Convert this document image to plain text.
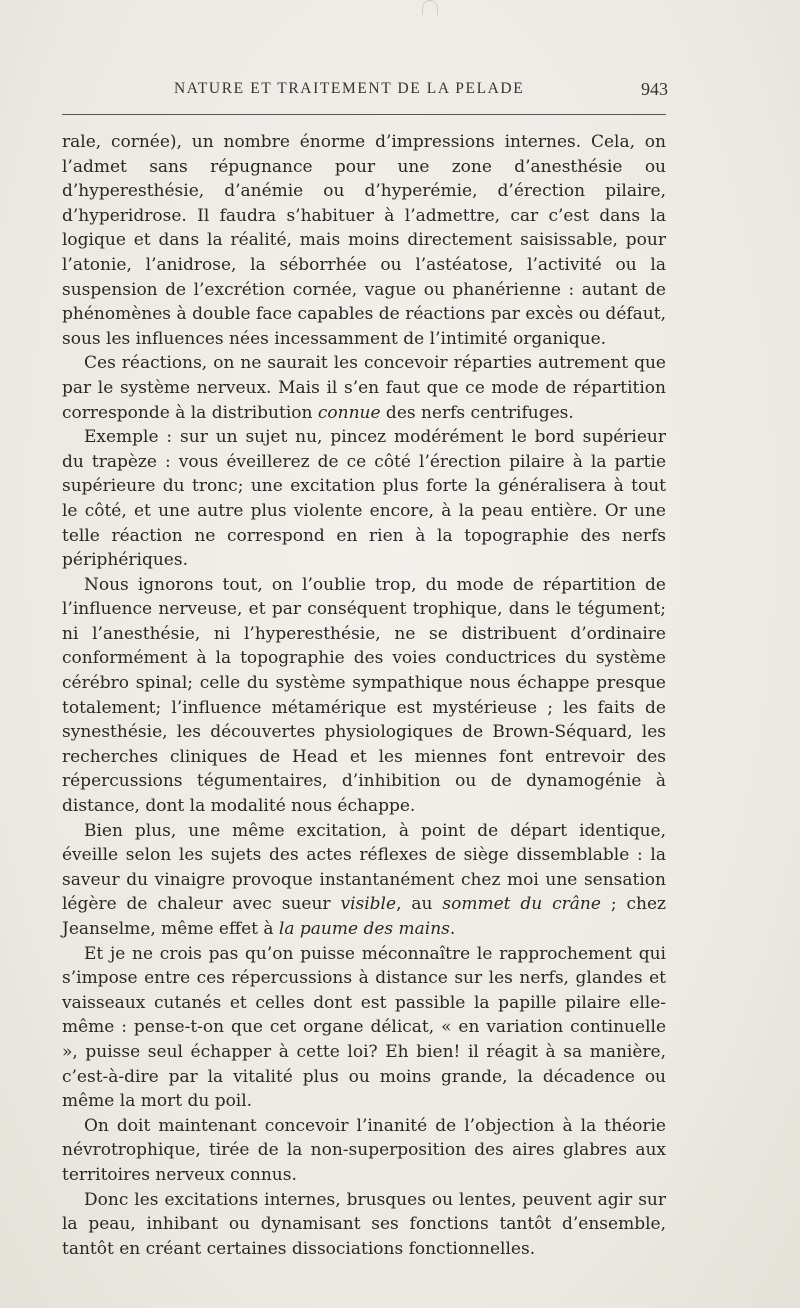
NATURE ET TRAITEMENT DE LA PELADE	943

rale, cornée), un nombre énorme d’impressions internes. Cela, on l’admet sans répugnance pour une zone d’anesthésie ou d’hyperesthésie, d’anémie ou d’hyperémie, d’érection pilaire, d’hyperidrose. Il faudra s’habituer à l’admettre, car c’est dans la logique et dans la réalité, mais moins directement saisissable, pour l’atonie, l’anidrose, la séborrhée ou l’astéatose, l’activité ou la suspension de l’excrétion cornée, vague ou phanérienne : autant de phénomènes à double face capables de réactions par excès ou défaut, sous les influences nées incessamment de l’intimité organique.

Ces réactions, on ne saurait les concevoir réparties autrement que par le système nerveux. Mais il s’en faut que ce mode de répartition corresponde à la distribution connue des nerfs centrifuges.

Exemple : sur un sujet nu, pincez modérément le bord supérieur du trapèze : vous éveillerez de ce côté l’érection pilaire à la partie supérieure du tronc; une excitation plus forte la généralisera à tout le côté, et une autre plus violente encore, à la peau entière. Or une telle réaction ne correspond en rien à la topographie des nerfs périphériques.

Nous ignorons tout, on l’oublie trop, du mode de répartition de l’influence nerveuse, et par conséquent trophique, dans le tégument; ni l’anesthésie, ni l’hyperesthésie, ne se distribuent d’ordinaire conformément à la topographie des voies conductrices du système cérébro spinal; celle du système sympathique nous échappe presque totalement; l’influence métamérique est mystérieuse ; les faits de synesthésie, les découvertes physiologiques de Brown-Séquard, les recherches cliniques de Head et les miennes font entrevoir des répercussions tégumentaires, d’inhibition ou de dynamogénie à distance, dont la modalité nous échappe.

Bien plus, une même excitation, à point de départ identique, éveille selon les sujets des actes réflexes de siège dissemblable : la saveur du vinaigre provoque instantanément chez moi une sensation légère de chaleur avec sueur visible, au sommet du crâne ; chez Jeanselme, même effet à la paume des mains.

Et je ne crois pas qu’on puisse méconnaître le rapprochement qui s’impose entre ces répercussions à distance sur les nerfs, glandes et vaisseaux cutanés et celles dont est passible la papille pilaire elle-même : pense-t-on que cet organe délicat, « en variation continuelle », puisse seul échapper à cette loi? Eh bien! il réagit à sa manière, c’est-à-dire par la vitalité plus ou moins grande, la décadence ou même la mort du poil.

On doit maintenant concevoir l’inanité de l’objection à la théorie névrotrophique, tirée de la non-superposition des aires glabres aux territoires nerveux connus.

Donc les excitations internes, brusques ou lentes, peuvent agir sur la peau, inhibant ou dynamisant ses fonctions tantôt d’ensemble, tantôt en créant certaines dissociations fonctionnelles.
